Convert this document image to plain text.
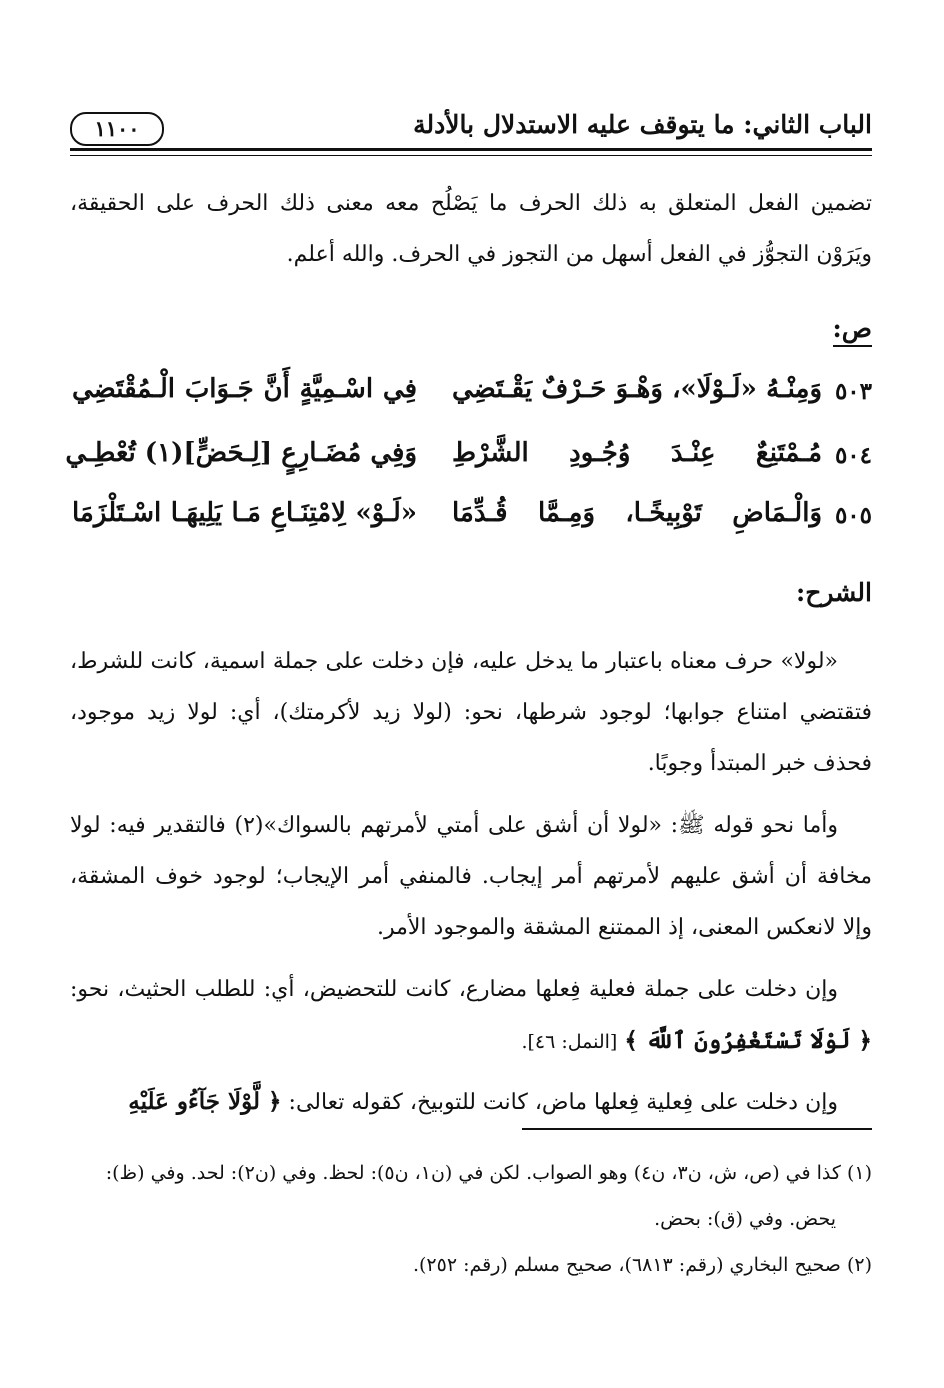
الباب الثاني: ما يتوقف عليه الاستدلال بالأدلة
١١٠٠
تضمين الفعل المتعلق به ذلك الحرف ما يَصْلُح معه معنى ذلك الحرف على الحقيقة، ويَرَوْن التجوُّز في الفعل أسهل من التجوز في الحرف. والله أعلم.
ص:
٥٠٣
وَمِنْـهُ «لَـوْلَا»، وَهْـوَ حَـرْفٌ يَقْـتَضِي
فِي اسْـمِيَّةٍ أَنَّ جَـوَابَ الْـمُقْتَضِي
٥٠٤
مُـمْتَنِعٌ عِنْـدَ وُجُـودِ الشَّرْطِ
وَفِي مُضَـارِعٍ [لِـحَضٍّ](١) تُعْطِـي
٥٠٥
وَالْـمَاضِ تَوْبِيخًـا، وَمِـمَّا قُـدِّمَا
«لَـوْ» لِامْتِنَـاعِ مَـا يَلِيهَـا اسْـتَلْزَمَا
الشرح:
«لولا» حرف معناه باعتبار ما يدخل عليه، فإن دخلت على جملة اسمية، كانت للشرط، فتقتضي امتناع جوابها؛ لوجود شرطها، نحو: (لولا زيد لأكرمتك)، أي: لولا زيد موجود، فحذف خبر المبتدأ وجوبًا.
وأما نحو قوله ﷺ: «لولا أن أشق على أمتي لأمرتهم بالسواك»(٢) فالتقدير فيه: لولا مخافة أن أشق عليهم لأمرتهم أمر إيجاب. فالمنفي أمر الإيجاب؛ لوجود خوف المشقة، وإلا لانعكس المعنى، إذ الممتنع المشقة والموجود الأمر.
وإن دخلت على جملة فعلية فِعلها مضارع، كانت للتحضيض، أي: للطلب الحثيث، نحو: ﴿ لَوْلَا تَسْتَغْفِرُونَ ٱللَّهَ ﴾ [النمل: ٤٦].
وإن دخلت على فِعلية فِعلها ماض، كانت للتوبيخ، كقوله تعالى: ﴿ لَّوْلَا جَآءُو عَلَيْهِ

(١) كذا في (ص، ش، ن٣، ن٤) وهو الصواب. لكن في (ن١، ن٥): لحظ. وفي (ن٢): لحد. وفي (ظ):

يحض. وفي (ق): بحض.

(٢) صحيح البخاري (رقم: ٦٨١٣)، صحيح مسلم (رقم: ٢٥٢).
